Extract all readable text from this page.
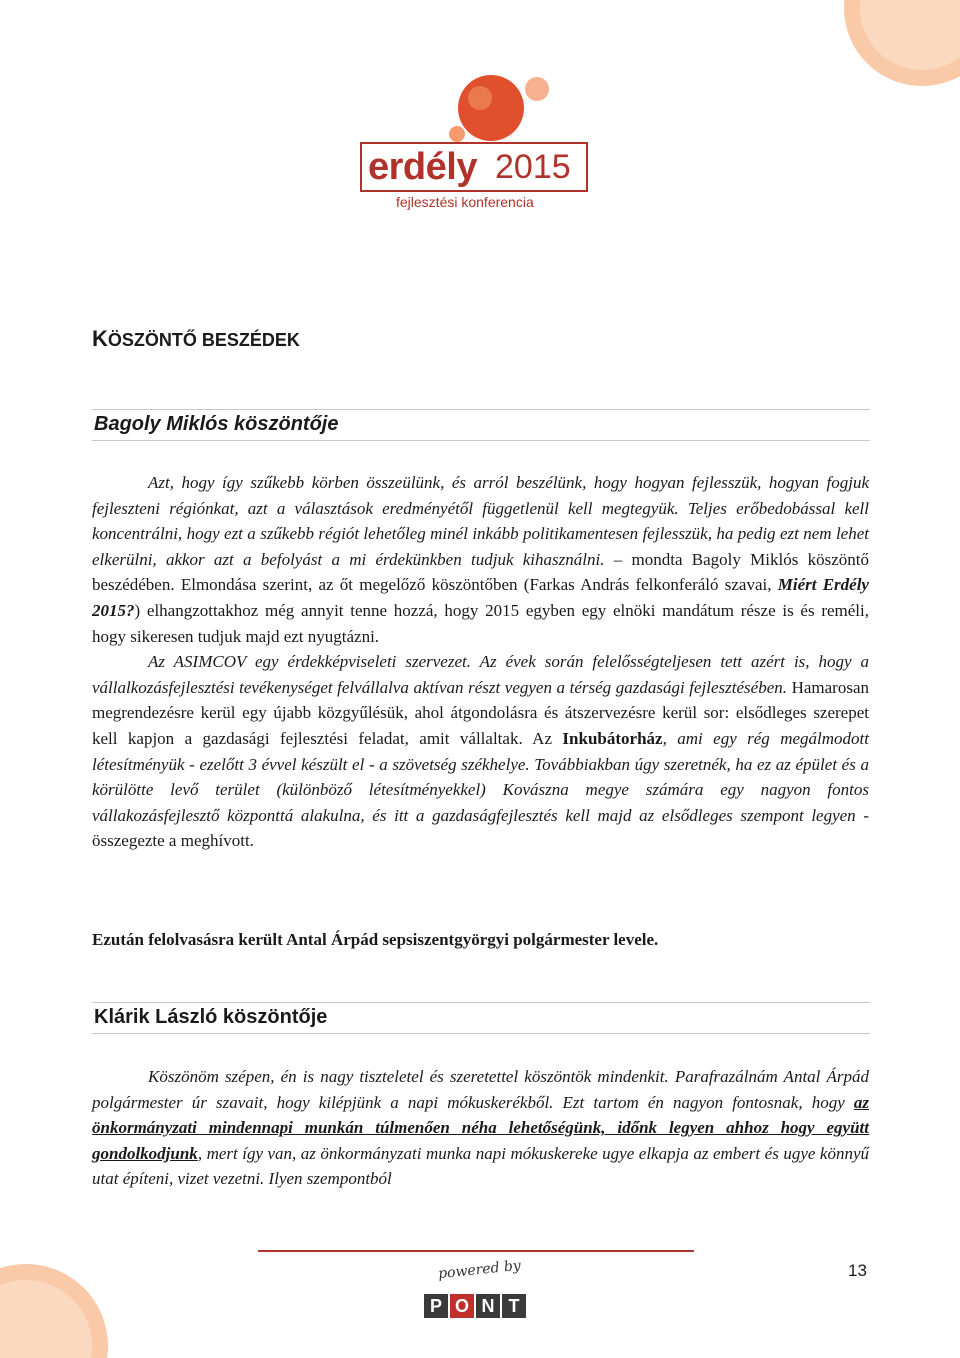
erdély 2015
fejlesztési konferencia
KÖSZÖNTŐ BESZÉDEK
Bagoly Miklós köszöntője

Azt, hogy így szűkebb körben összeülünk, és arról beszélünk, hogy hogyan fejlesszük, hogyan fogjuk fejleszteni régiónkat, azt a választások eredményétől függetlenül kell megtegyük. Teljes erőbedobással kell koncentrálni, hogy ezt a szűkebb régiót lehetőleg minél inkább politikamentesen fejlesszük, ha pedig ezt nem lehet elkerülni, akkor azt a befolyást a mi érdekünkben tudjuk kihasználni. – mondta Bagoly Miklós köszöntő beszédében. Elmondása szerint, az őt megelőző köszöntőben (Farkas András felkonferáló szavai, Miért Erdély 2015?) elhangzottakhoz még annyit tenne hozzá, hogy 2015 egyben egy elnöki mandátum része is és reméli, hogy sikeresen tudjuk majd ezt nyugtázni.

Az ASIMCOV egy érdekképviseleti szervezet. Az évek során felelősségteljesen tett azért is, hogy a vállalkozásfejlesztési tevékenységet felvállalva aktívan részt vegyen a térség gazdasági fejlesztésében. Hamarosan megrendezésre kerül egy újabb közgyűlésük, ahol átgondolásra és átszervezésre kerül sor: elsődleges szerepet kell kapjon a gazdasági fejlesztési feladat, amit vállaltak. Az Inkubátorház, ami egy rég megálmodott létesítményük - ezelőtt 3 évvel készült el - a szövetség székhelye. Továbbiakban úgy szeretnék, ha ez az épület és a körülötte levő terület (különböző létesítményekkel) Kovászna megye számára egy nagyon fontos vállakozásfejlesztő központtá alakulna, és itt a gazdaságfejlesztés kell majd az elsődleges szempont legyen - összegezte a meghívott.

Ezután felolvasásra került Antal Árpád sepsiszentgyörgyi polgármester levele.

Klárik László köszöntője

Köszönöm szépen, én is nagy tiszteletel és szeretettel köszöntök mindenkit. Parafrazálnám Antal Árpád polgármester úr szavait, hogy kilépjünk a napi mókuskerékből. Ezt tartom én nagyon fontosnak, hogy az önkormányzati mindennapi munkán túlmenően néha lehetőségünk, időnk legyen ahhoz hogy együtt gondolkodjunk, mert így van, az önkormányzati munka napi mókuskereke ugye elkapja az embert és ugye könnyű utat építeni, vizet vezetni. Ilyen szempontból

powered by
P O N T
13
